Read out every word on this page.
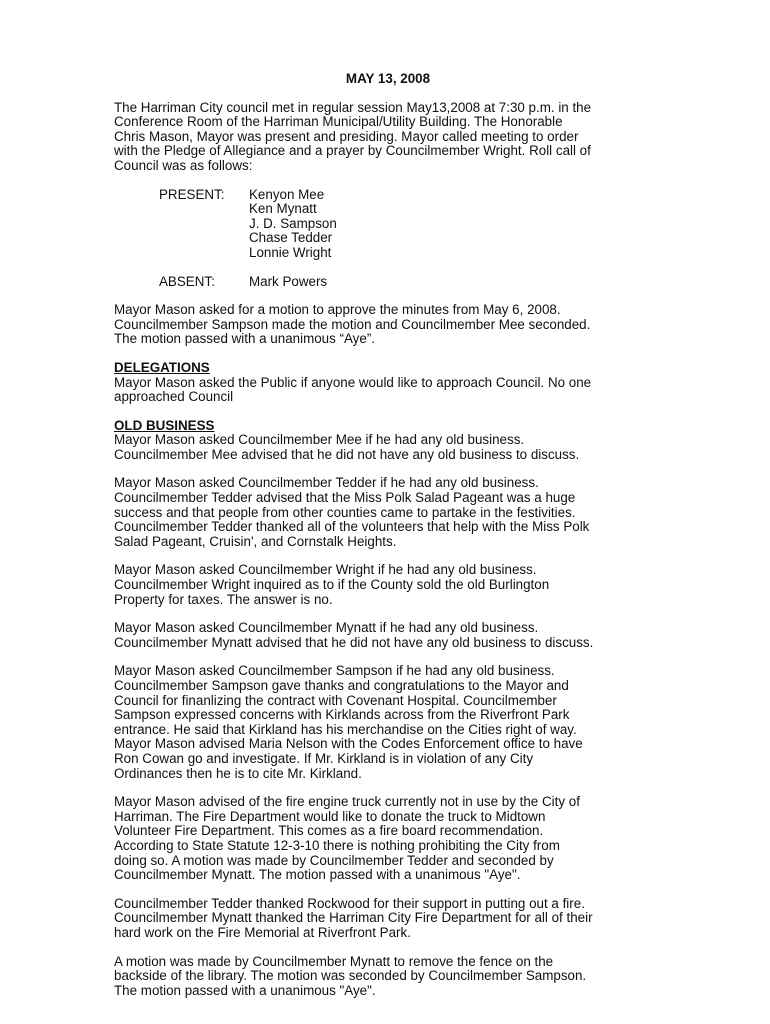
MAY 13, 2008
The Harriman City council met in regular session May13,2008 at 7:30 p.m. in the
Conference Room of the Harriman Municipal/Utility Building. The Honorable
Chris Mason, Mayor was present and presiding. Mayor called meeting to order
with the Pledge of Allegiance and a prayer by Councilmember Wright. Roll call of
Council was as follows:
PRESENT:	Kenyon Mee
Ken Mynatt
J. D. Sampson
Chase Tedder
Lonnie Wright
ABSENT:	Mark Powers
Mayor Mason asked for a motion to approve the minutes from May 6, 2008.
Councilmember Sampson made the motion and Councilmember Mee seconded.
The motion passed with a unanimous “Aye”.
DELEGATIONS
Mayor Mason asked the Public if anyone would like to approach Council. No one
approached Council
OLD BUSINESS
Mayor Mason asked Councilmember Mee if he had any old business.
Councilmember Mee advised that he did not have any old business to discuss.
Mayor Mason asked Councilmember Tedder if he had any old business.
Councilmember Tedder advised that the Miss Polk Salad Pageant was a huge
success and that people from other counties came to partake in the festivities.
Councilmember Tedder thanked all of the volunteers that help with the Miss Polk
Salad Pageant, Cruisin', and Cornstalk Heights.
Mayor Mason asked Councilmember Wright if he had any old business.
Councilmember Wright inquired as to if the County sold the old Burlington
Property for taxes. The answer is no.
Mayor Mason asked Councilmember Mynatt if he had any old business.
Councilmember Mynatt advised that he did not have any old business to discuss.
Mayor Mason asked Councilmember Sampson if he had any old business.
Councilmember Sampson gave thanks and congratulations to the Mayor and
Council for finanlizing the contract with Covenant Hospital. Councilmember
Sampson expressed concerns with Kirklands across from the Riverfront Park
entrance. He said that Kirkland has his merchandise on the Cities right of way.
Mayor Mason advised Maria Nelson with the Codes Enforcement office to have
Ron Cowan go and investigate. If Mr. Kirkland is in violation of any City
Ordinances then he is to cite Mr. Kirkland.
Mayor Mason advised of the fire engine truck currently not in use by the City of
Harriman. The Fire Department would like to donate the truck to Midtown
Volunteer Fire Department. This comes as a fire board recommendation.
According to State Statute 12-3-10 there is nothing prohibiting the City from
doing so. A motion was made by Councilmember Tedder and seconded by
Councilmember Mynatt. The motion passed with a unanimous "Aye".
Councilmember Tedder thanked Rockwood for their support in putting out a fire.
Councilmember Mynatt thanked the Harriman City Fire Department for all of their
hard work on the Fire Memorial at Riverfront Park.
A motion was made by Councilmember Mynatt to remove the fence on the
backside of the library. The motion was seconded by Councilmember Sampson.
The motion passed with a unanimous "Aye".
